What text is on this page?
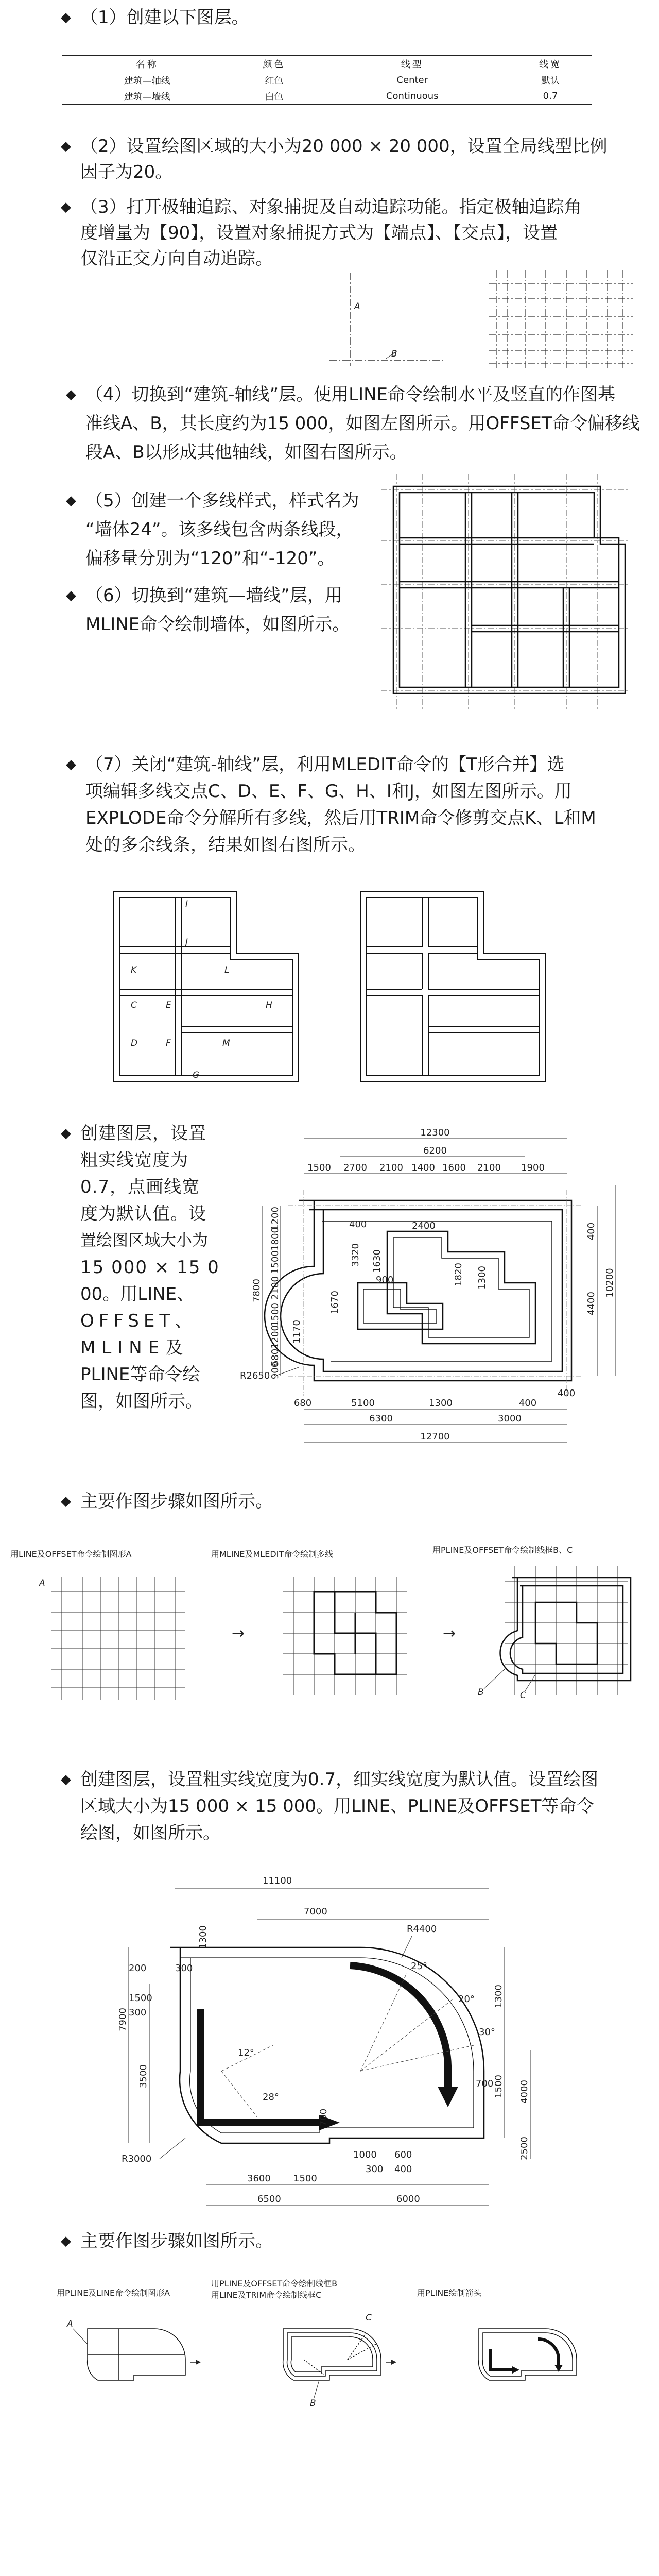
◆ （1）创建以下图层。
名称	颜色	线型	线宽
建筑—轴线	红色	Center	默认
建筑—墙线	白色	Continuous	0.7
◆ （2）设置绘图区域的大小为20 000 × 20 000，设置全局线型比例
因子为20。
◆ （3）打开极轴追踪、对象捕捉及自动追踪功能。指定极轴追踪角
度增量为【90】，设置对象捕捉方式为【端点】、【交点】，设置
仅沿正交方向自动追踪。
A
B
◆ （4）切换到“建筑-轴线”层。使用LINE命令绘制水平及竖直的作图基
准线A、B，其长度约为15 000，如图左图所示。用OFFSET命令偏移线
段A、B以形成其他轴线，如图右图所示。
◆ （5）创建一个多线样式，样式名为
“墙体24”。该多线包含两条线段，
偏移量分别为“120”和“-120”。
◆ （6）切换到“建筑—墙线”层，用
MLINE命令绘制墙体，如图所示。
◆ （7）关闭“建筑-轴线”层，利用MLEDIT命令的【T形合并】选
项编辑多线交点C、D、E、F、G、H、I和J，如图左图所示。用
EXPLODE命令分解所有多线，然后用TRIM命令修剪交点K、L和M
处的多余线条，结果如图右图所示。
I
J
K	L
C	E	H
D	F	M
G
◆ 创建图层，设置
粗实线宽度为
0.7，点画线宽
度为默认值。设
置绘图区域大小为
15 000 × 15 0
00。用LINE、
OFFSET、
MLINE及
PLINE等命令绘
图，如图所示。
12300
6200
1500 2700 2100 1400 1600 2100 1900
1200
1800
1500
2100
1500
1200 1170
680
900
7800
400	2400
1630
3320
1820 1300
1670
900
400
4400
10200
5100	1300	400
400
6300	3000
12700
680
R2650
◆ 主要作图步骤如图所示。
用LINE及OFFSET命令绘制图形A	用MLINE及MLEDIT命令绘制多线	用PLINE及OFFSET命令绘制线框B、C
A
→	→
B	C
◆ 创建图层，设置粗实线宽度为0.7，细实线宽度为默认值。设置绘图
区域大小为15 000 × 15 000。用LINE、PLINE及OFFSET等命令
绘图，如图所示。
11100
7000
R4400
25°
20°
30°
12°
28°
200	300
1300
1500
300
7900
3500
700
1300
700 1500 4000
2500
1000 600
300 400
3600 1500
6500	6000
R3000
◆ 主要作图步骤如图所示。
用PLINE及LINE命令绘制图形A
用PLINE及OFFSET命令绘制线框B
用LINE及TRIM命令绘制线框C	用PLINE绘制箭头
A
C
B
